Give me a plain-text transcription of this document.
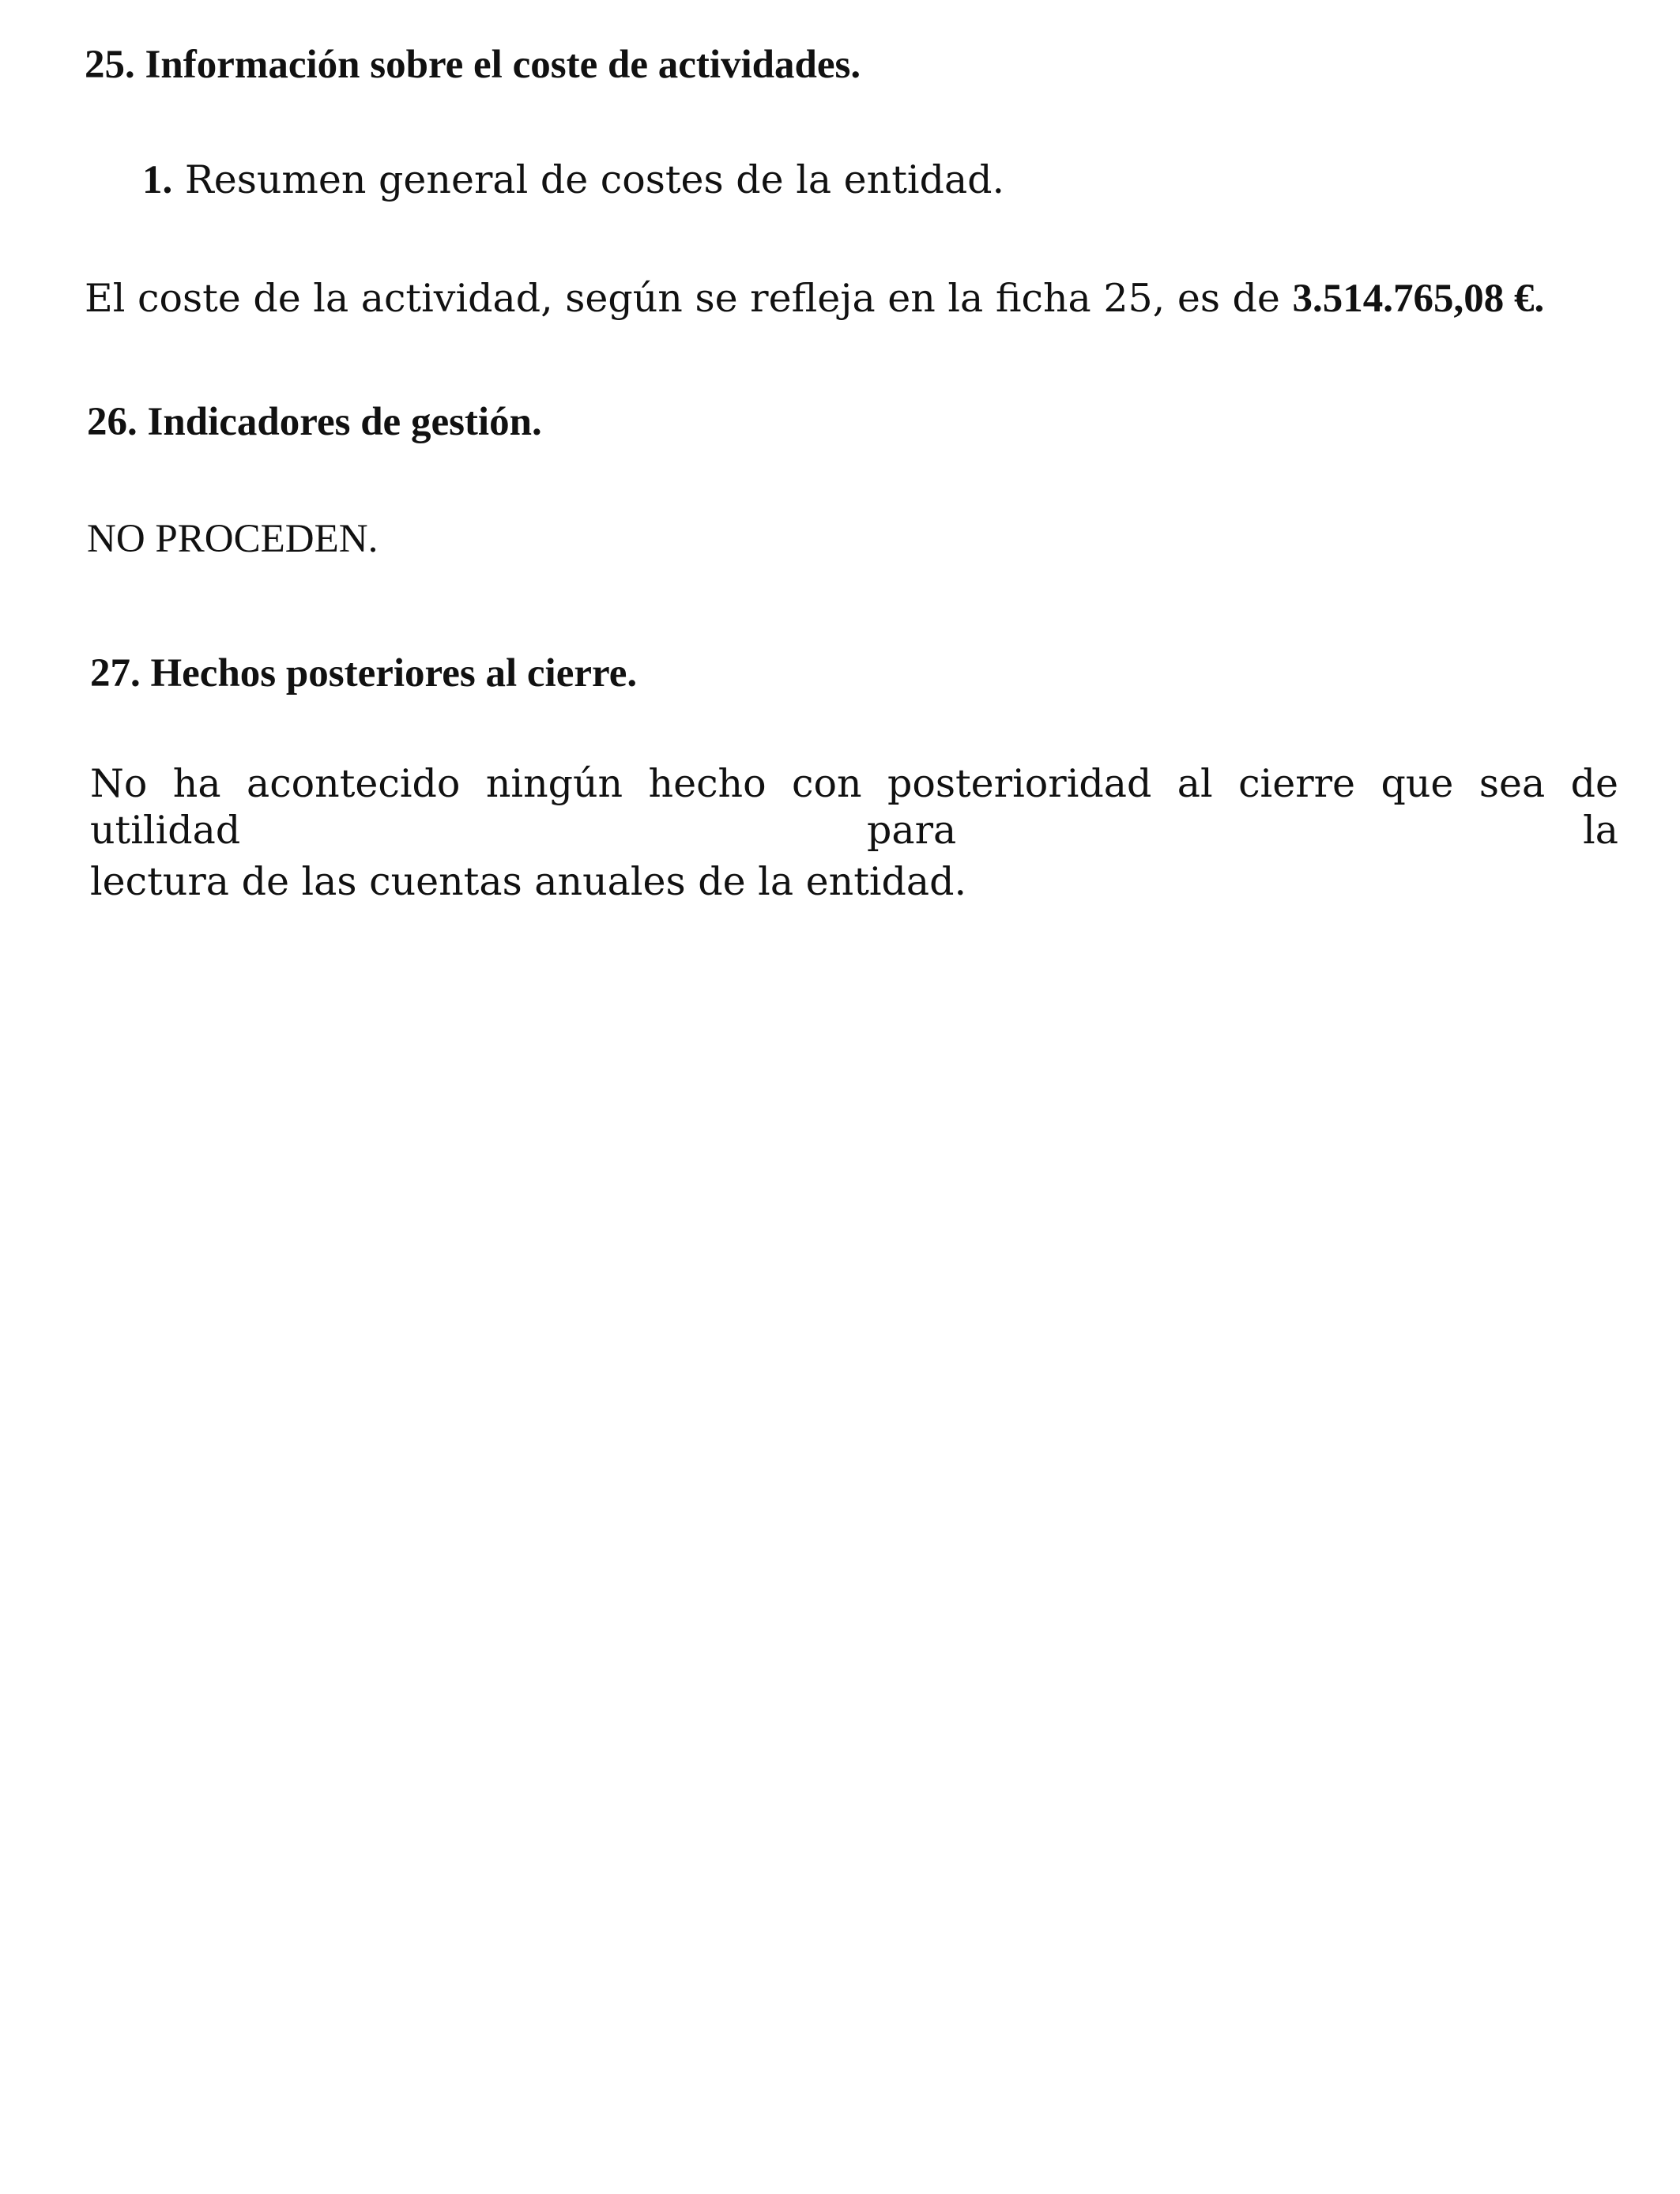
25. Información sobre el coste de actividades.

1. Resumen general de costes de la entidad.

El coste de la actividad, según se refleja en la ficha 25, es de 3.514.765,08 €.

26. Indicadores de gestión.

NO PROCEDEN.

27. Hechos posteriores al cierre.
No ha acontecido ningún hecho con posterioridad al cierre que sea de utilidad para la
lectura de las cuentas anuales de la entidad.
